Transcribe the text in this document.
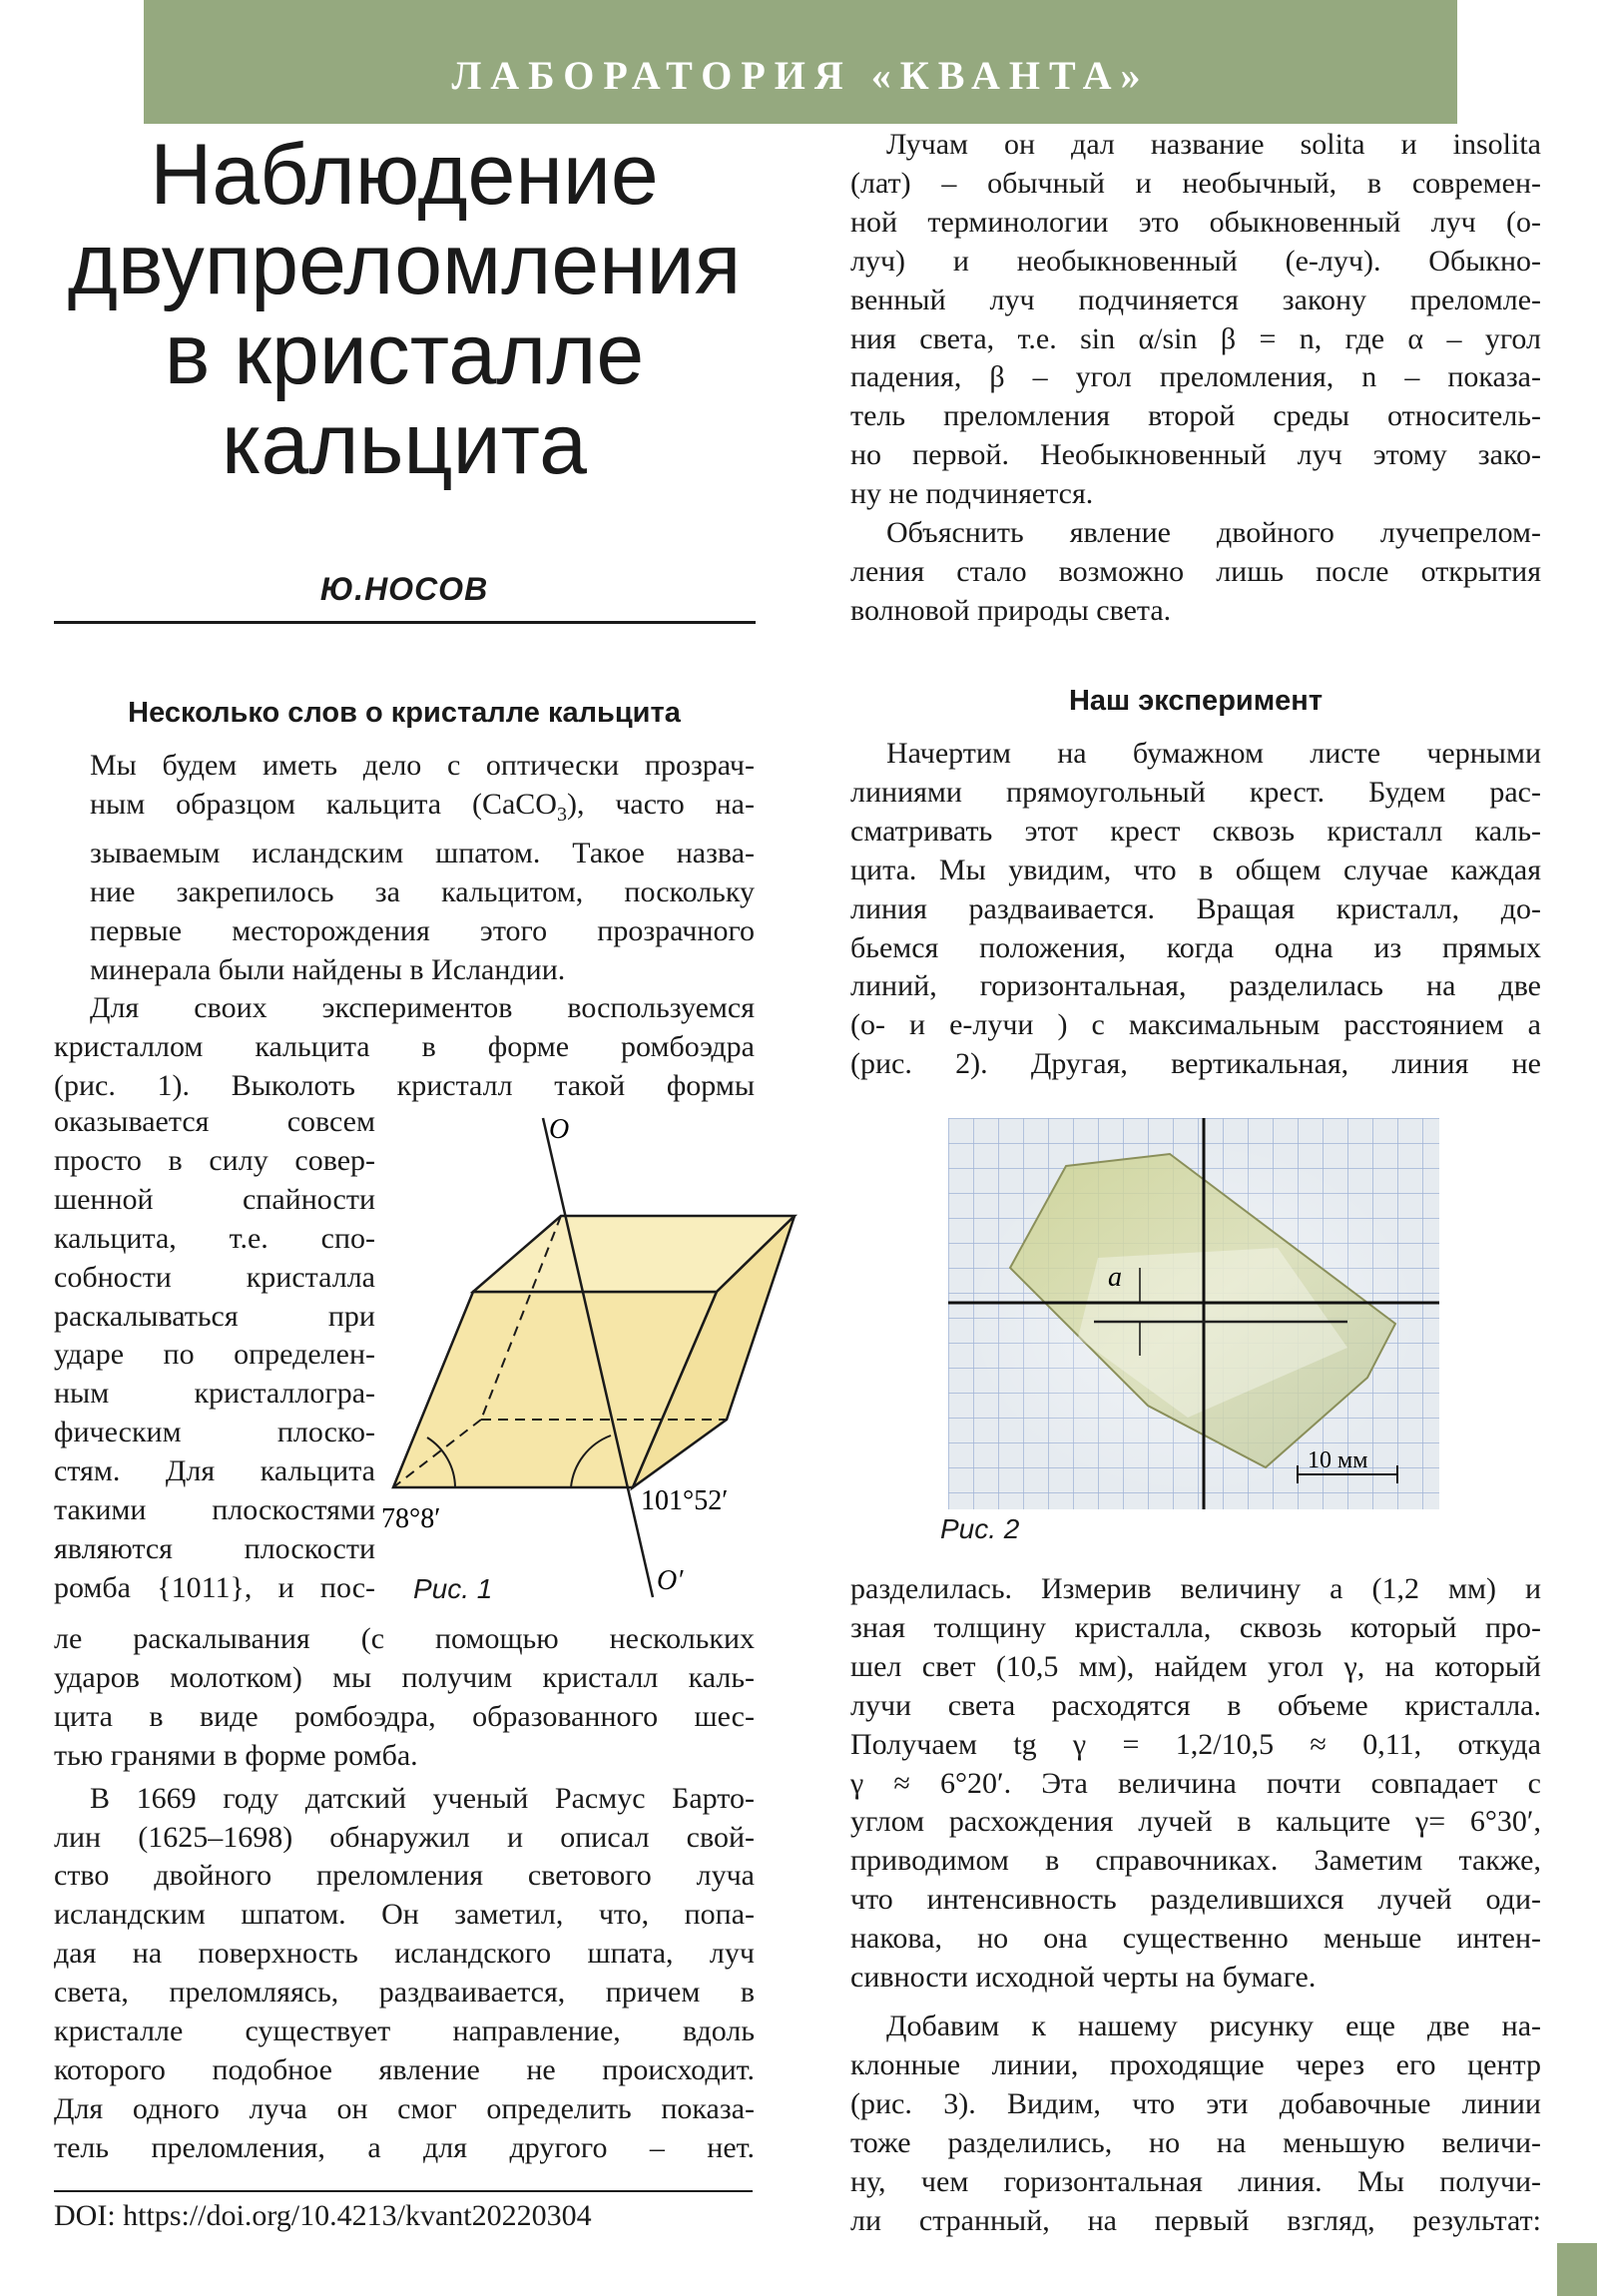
ЛАБОРАТОРИЯ «КВАНТА»
Наблюдение
двупреломления
в кристалле
кальцита
Ю.НОСОВ
Несколько слов о кристалле кальцита

Мы будем иметь дело с оптически прозрач-
ным образцом кальцита (CaCO$_3$), часто на-
зываемым исландским шпатом. Такое назва-
ние закрепилось за кальцитом, поскольку
первые месторождения этого прозрачного
минерала были найдены в Исландии.

Для своих экспериментов воспользуемся
кристаллом кальцита в форме ромбоэдра
(рис. 1). Выколоть кристалл такой формы

оказывается совсем
просто в силу совер-
шенной спайности
кальцита, т.е. спо-
собности кристалла
раскалываться при
ударе по определен-
ным кристаллогра-
фическим плоско-
стям. Для кальцита
такими плоскостями
являются плоскости
ромба {1011}, и пос-
O
O′
78°8′
101°52′
Рис. 1
ле раскалывания (с помощью нескольких
ударов молотком) мы получим кристалл каль-
цита в виде ромбоэдра, образованного шес-
тью гранями в форме ромба.
В 1669 году датский ученый Расмус Барто-
лин (1625–1698) обнаружил и описал свой-
ство двойного преломления светового луча
исландским шпатом. Он заметил, что, попа-
дая на поверхность исландского шпата, луч
света, преломляясь, раздваивается, причем в
кристалле существует направление, вдоль
которого подобное явление не происходит.
Для одного луча он смог определить показа-
тель преломления, а для другого – нет.
DOI: https://doi.org/10.4213/kvant20220304
Лучам он дал название solita и insolita
(лат) – обычный и необычный, в современ-
ной терминологии это обыкновенный луч (о-
луч) и необыкновенный (е-луч). Обыкно-
венный луч подчиняется закону преломле-
ния света, т.е. sin α/sin β = n, где α – угол
падения, β – угол преломления, n – показа-
тель преломления второй среды относитель-
но первой. Необыкновенный луч этому зако-
ну не подчиняется.
Объяснить явление двойного лучепрелом-
ления стало возможно лишь после открытия
волновой природы света.
Наш эксперимент
Начертим на бумажном листе черными
линиями прямоугольный крест. Будем рас-
сматривать этот крест сквозь кристалл каль-
цита. Мы увидим, что в общем случае каждая
линия раздваивается. Вращая кристалл, до-
бьемся положения, когда одна из прямых
линий, горизонтальная, разделилась на две
(о- и е-лучи ) с максимальным расстоянием a
(рис. 2). Другая, вертикальная, линия не
a
10 мм
Рис. 2
разделилась. Измерив величину a (1,2 мм) и
зная толщину кристалла, сквозь который про-
шел свет (10,5 мм), найдем угол γ, на который
лучи света расходятся в объеме кристалла.
Получаем tg γ = 1,2/10,5 ≈ 0,11, откуда
γ ≈ 6°20′. Эта величина почти совпадает с
углом расхождения лучей в кальците γ= 6°30′,
приводимом в справочниках. Заметим также,
что интенсивность разделившихся лучей оди-
накова, но она существенно меньше интен-
сивности исходной черты на бумаге.
Добавим к нашему рисунку еще две на-
клонные линии, проходящие через его центр
(рис. 3). Видим, что эти добавочные линии
тоже разделились, но на меньшую величи-
ну, чем горизонтальная линия. Мы получи-
ли странный, на первый взгляд, результат:
